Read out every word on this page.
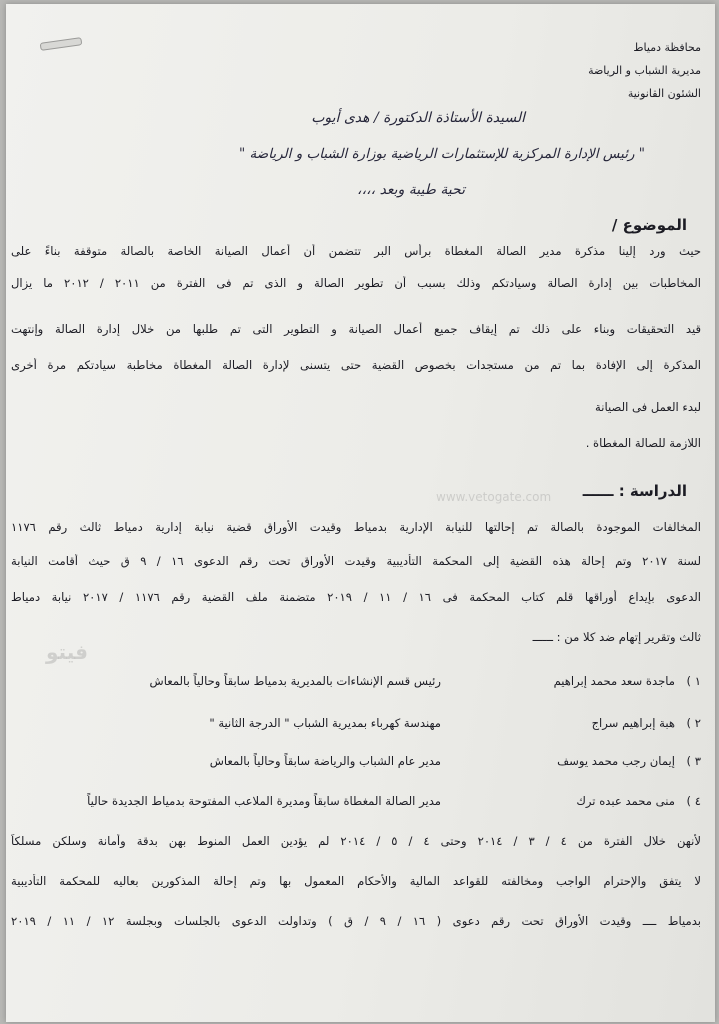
محافظة دمياط
مديرية الشباب و الرياضة
الشئون القانونية
السيدة الأستاذة الدكتورة / هدى أيوب
" رئيس الإدارة المركزية للإستثمارات الرياضية بوزارة الشباب و الرياضة "
تحية طيبة وبعد ،،،،
الموضوع /
حيث ورد إلينا مذكرة مدير الصالة المغطاة برأس البر تتضمن أن أعمال الصيانة الخاصة بالصالة متوقفة بناءً على
المخاطبات بين إدارة الصالة وسيادتكم وذلك بسبب أن تطوير الصالة و الذى تم فى الفترة من ٢٠١١ / ٢٠١٢ ما يزال
قيد التحقيقات وبناء على ذلك تم إيقاف جميع أعمال الصيانة و التطوير التى تم طلبها من خلال إدارة الصالة وإنتهت
المذكرة إلى الإفادة بما تم من مستجدات بخصوص القضية حتى يتسنى لإدارة الصالة المغطاة مخاطبة سيادتكم مرة أخرى
لبدء العمل فى الصيانة
اللازمة للصالة المغطاة .
الدراسة : ــــــ
www.vetogate.com
المخالفات الموجودة بالصالة تم إحالتها للنيابة الإدارية بدمياط وقيدت الأوراق قضية نيابة إدارية دمياط ثالث رقم ١١٧٦
لسنة ٢٠١٧ وتم إحالة هذه القضية إلى المحكمة التأديبية وقيدت الأوراق تحت رقم الدعوى ١٦ / ٩ ق حيث أقامت النيابة
الدعوى بإيداع أوراقها قلم كتاب المحكمة فى ١٦ / ١١ / ٢٠١٩ متضمنة ملف القضية رقم ١١٧٦ / ٢٠١٧ نيابة دمياط
ثالث وتقرير إتهام ضد كلا من : ــــــ
فيتو
١ )
ماجدة سعد محمد إبراهيم
رئيس قسم الإنشاءات بالمديرية بدمياط سابقاً وحالياً بالمعاش
٢ )
هبة إبراهيم سراج
مهندسة كهرباء بمديرية الشباب " الدرجة الثانية "
٣ )
إيمان رجب محمد يوسف
مدير عام الشباب والرياضة سابقاً وحالياً بالمعاش
٤ )
منى محمد عبده ترك
مدير الصالة المغطاة سابقاً ومديرة الملاعب المفتوحة بدمياط الجديدة حالياً
لأنهن خلال الفترة من ٤ / ٣ / ٢٠١٤ وحتى ٤ / ٥ / ٢٠١٤ لم يؤدين العمل المنوط بهن بدقة وأمانة وسلكن مسلكاً
لا يتفق والإحترام الواجب ومخالفته للقواعد المالية والأحكام المعمول بها وتم إحالة المذكورين بعاليه للمحكمة التأديبية
بدمياط ــــ وقيدت الأوراق تحت رقم دعوى ( ١٦ / ٩ / ق ) وتداولت الدعوى بالجلسات وبجلسة ١٢ / ١١ / ٢٠١٩
